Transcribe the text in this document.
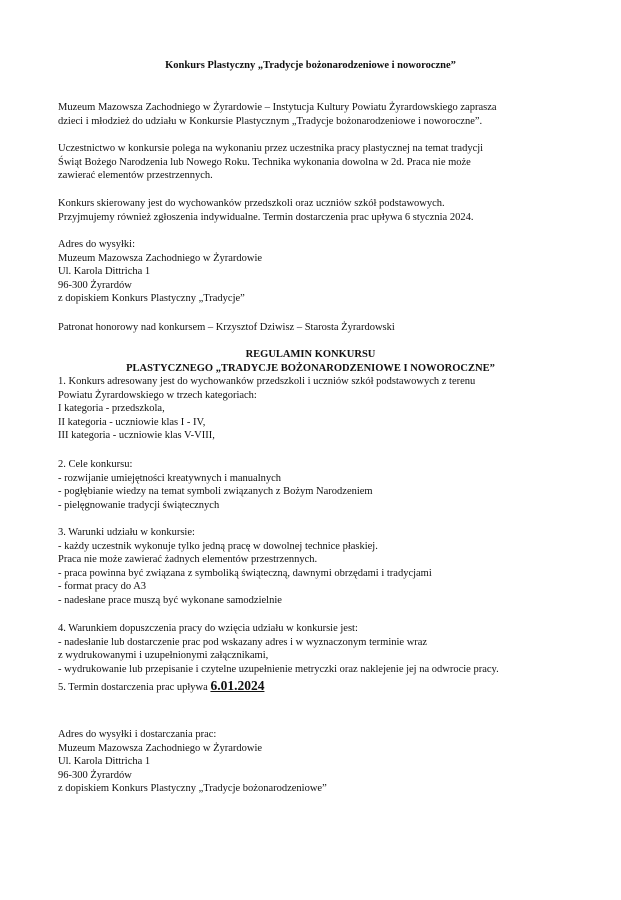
Konkurs Plastyczny „Tradycje bożonarodzeniowe i noworoczne”
Muzeum Mazowsza Zachodniego w Żyrardowie – Instytucja Kultury Powiatu Żyrardowskiego zaprasza
dzieci i młodzież do udziału w Konkursie Plastycznym „Tradycje bożonarodzeniowe i noworoczne”.
Uczestnictwo w konkursie polega na wykonaniu przez uczestnika pracy plastycznej na temat tradycji
Świąt Bożego Narodzenia lub Nowego Roku. Technika wykonania dowolna w 2d. Praca nie może
zawierać elementów przestrzennych.
Konkurs skierowany jest do wychowanków przedszkoli oraz uczniów szkół podstawowych.
Przyjmujemy również zgłoszenia indywidualne. Termin dostarczenia prac upływa 6 stycznia 2024.
Adres do wysyłki:
Muzeum Mazowsza Zachodniego w Żyrardowie
Ul. Karola Dittricha 1
96-300 Żyrardów
z dopiskiem Konkurs Plastyczny „Tradycje”
Patronat honorowy nad konkursem – Krzysztof Dziwisz – Starosta Żyrardowski
REGULAMIN KONKURSU
PLASTYCZNEGO „TRADYCJE BOŻONARODZENIOWE I NOWOROCZNE”
1. Konkurs adresowany jest do wychowanków przedszkoli i uczniów szkół podstawowych z terenu
Powiatu Żyrardowskiego w trzech kategoriach:
I kategoria - przedszkola,
II kategoria - uczniowie klas I - IV,
III kategoria - uczniowie klas V-VIII,
2. Cele konkursu:
- rozwijanie umiejętności kreatywnych i manualnych
- pogłębianie wiedzy na temat symboli związanych z Bożym Narodzeniem
- pielęgnowanie tradycji świątecznych
3. Warunki udziału w konkursie:
- każdy uczestnik wykonuje tylko jedną pracę w dowolnej technice płaskiej.
Praca nie może zawierać żadnych elementów przestrzennych.
- praca powinna być związana z symboliką świąteczną, dawnymi obrzędami i tradycjami
- format pracy do A3
- nadesłane prace muszą być wykonane samodzielnie
4. Warunkiem dopuszczenia pracy do wzięcia udziału w konkursie jest:
- nadesłanie lub dostarczenie prac pod wskazany adres i w wyznaczonym terminie wraz
z wydrukowanymi i uzupełnionymi załącznikami,
- wydrukowanie lub przepisanie i czytelne uzupełnienie metryczki oraz naklejenie jej na odwrocie pracy.
5. Termin dostarczenia prac upływa 6.01.2024
Adres do wysyłki i dostarczania prac:
Muzeum Mazowsza Zachodniego w Żyrardowie
Ul. Karola Dittricha 1
96-300 Żyrardów
z dopiskiem Konkurs Plastyczny „Tradycje bożonarodzeniowe”
